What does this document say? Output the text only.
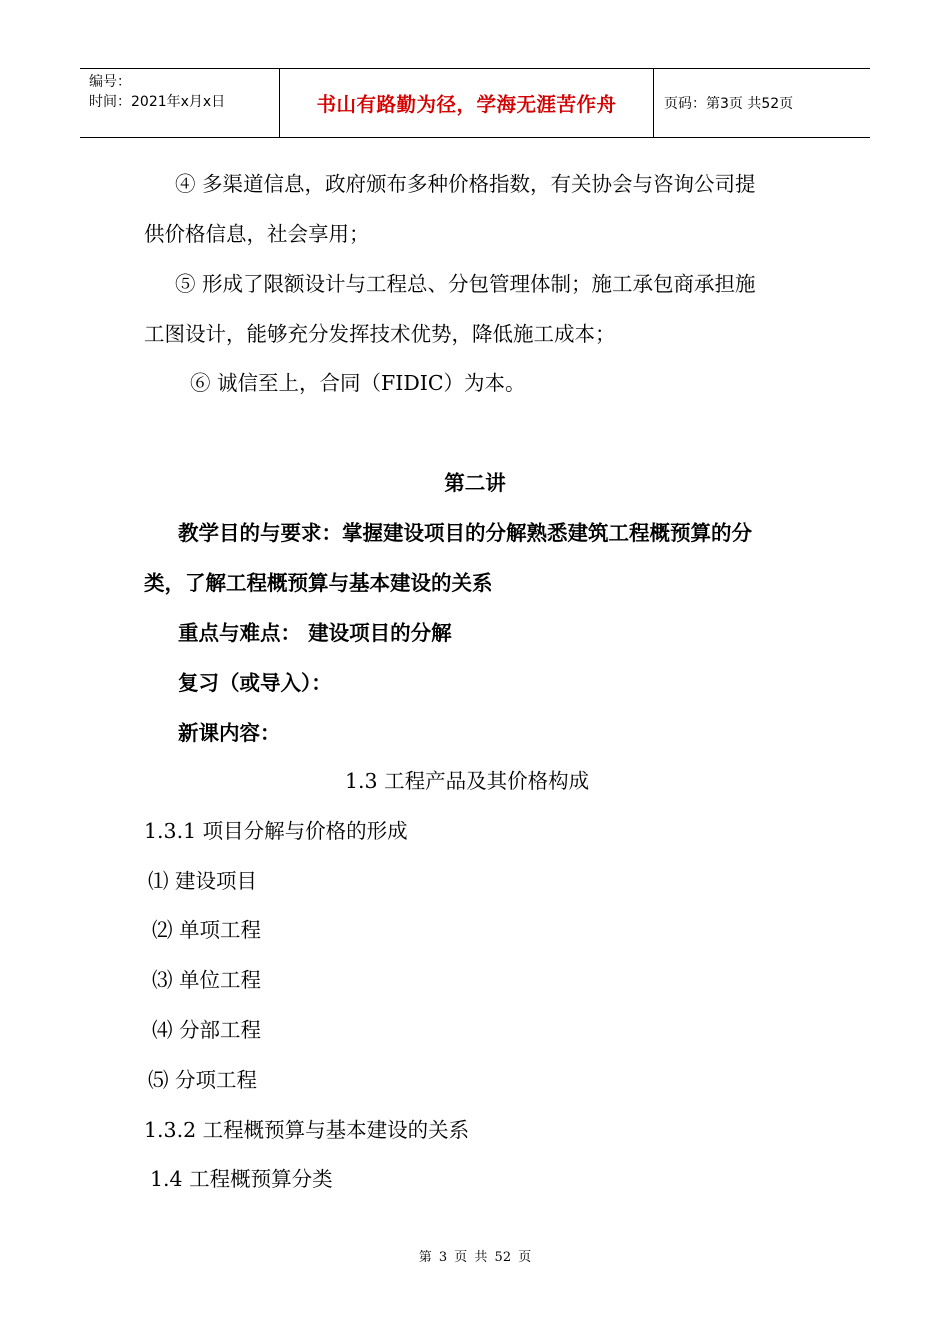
编号：
时间：2021年x月x日	书山有路勤为径，学海无涯苦作舟	页码：第3页 共52页
④ 多渠道信息，政府颁布多种价格指数，有关协会与咨询公司提
供价格信息，社会享用；
⑤ 形成了限额设计与工程总、分包管理体制；施工承包商承担施
工图设计，能够充分发挥技术优势，降低施工成本；
⑥ 诚信至上，合同（FIDIC）为本。
第二讲
教学目的与要求：掌握建设项目的分解熟悉建筑工程概预算的分
类，了解工程概预算与基本建设的关系
重点与难点： 建设项目的分解
复习（或导入）：
新课内容：
1.3 工程产品及其价格构成
1.3.1 项目分解与价格的形成
⑴ 建设项目
⑵ 单项工程
⑶ 单位工程
⑷ 分部工程
⑸ 分项工程
1.3.2 工程概预算与基本建设的关系
1.4 工程概预算分类
第 3 页 共 52 页
